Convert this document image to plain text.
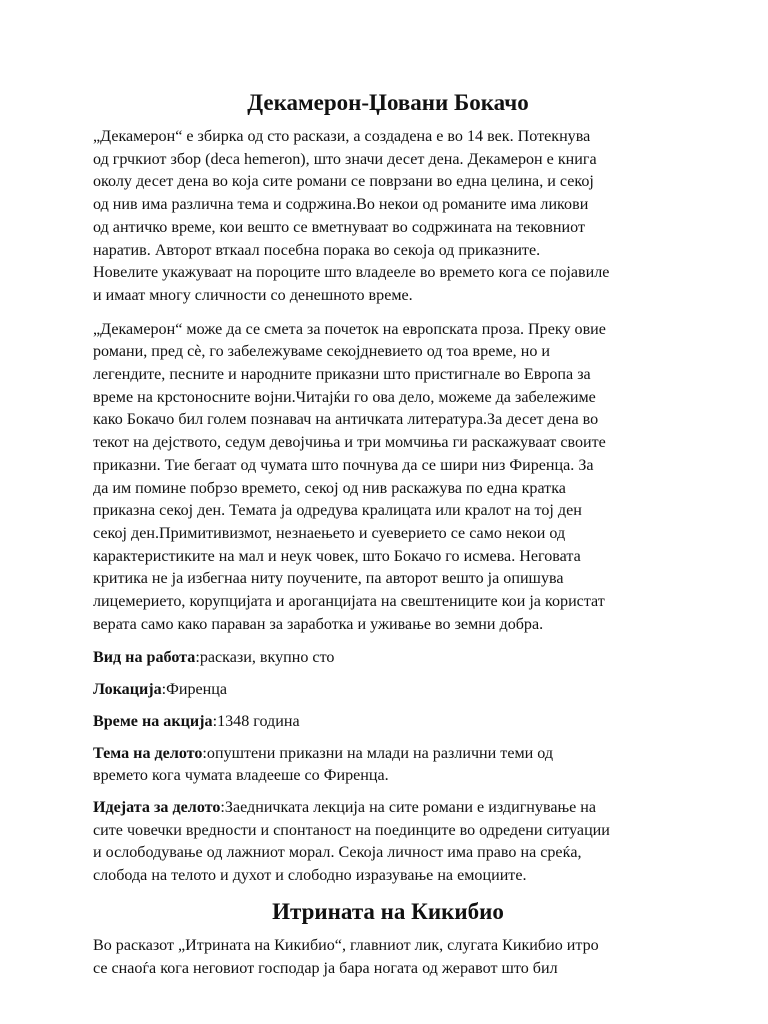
Декамерон-Џовани Бокачо

„Декамерон“ е збирка од сто раскази, а создадена е во 14 век. Потекнува
од грчкиот збор (deca hemeron), што значи десет дена. Декамерон е книга
околу десет дена во која сите романи се поврзани во една целина, и секој
од нив има различна тема и содржина.Во некои од романите има ликови
од античко време, кои вешто се вметнуваат во содржината на тековниот
наратив. Авторот вткаал посебна порака во секоја од приказните.
Новелите укажуваат на пороците што владееле во времето кога се појавиле
и имаат многу сличности со денешното време.

„Декамерон“ може да се смета за почеток на европската проза. Преку овие
романи, пред сè, го забележуваме секојдневието од тоа време, но и
легендите, песните и народните приказни што пристигнале во Европа за
време на крстоносните војни.Читајќи го ова дело, можеме да забележиме
како Бокачо бил голем познавач на античката литература.За десет дена во
текот на дејството, седум девојчиња и три момчиња ги раскажуваат своите
приказни. Тие бегаат од чумата што почнува да се шири низ Фиренца. За
да им помине побрзо времето, секој од нив раскажува по една кратка
приказна секој ден. Темата ја одредува кралицата или кралот на тој ден
секој ден.Примитивизмот, незнаењето и суеверието се само некои од
карактеристиките на мал и неук човек, што Бокачо го исмева. Неговата
критика не ја избегнаа ниту поучените, па авторот вешто ја опишува
лицемерието, корупцијата и ароганцијата на свештениците кои ја користат
верата само како параван за заработка и уживање во земни добра.

Вид на работа:раскази, вкупно сто

Локација:Фиренца

Време на акција:1348 година

Тема на делото:опуштени приказни на млади на различни теми од
времето кога чумата владееше со Фиренца.

Идејата за делото:Заедничката лекција на сите романи е издигнување на
сите човечки вредности и спонтаност на поединците во одредени ситуации
и ослободување од лажниот морал. Секоја личност има право на среќа,
слобода на телото и духот и слободно изразување на емоциите.

Итрината на Кикибио

Во расказот „Итрината на Кикибио“, главниот лик, слугата Кикибио итро
се снаоѓа кога неговиот господар ја бара ногата од жеравот што бил
